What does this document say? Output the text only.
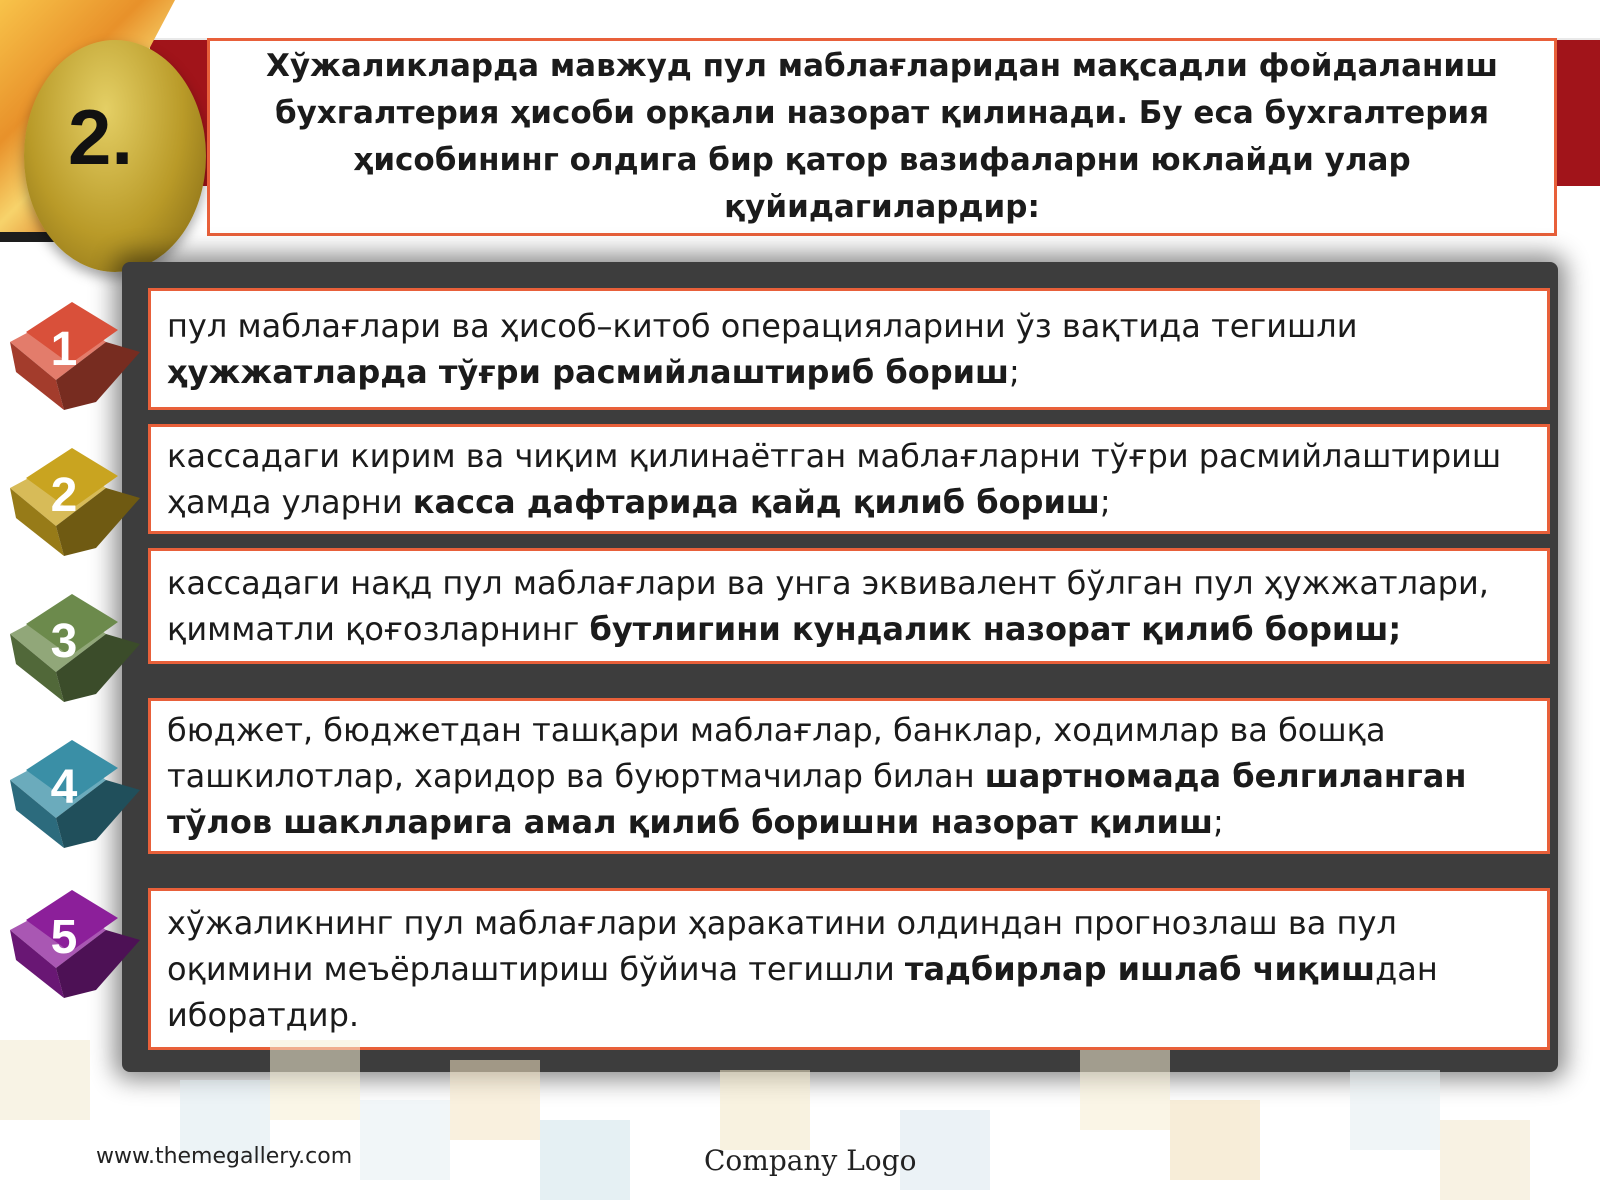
2.
Хўжаликларда мавжуд пул маблағларидан мақсадли фойдаланиш бухгалтерия ҳисоби орқали назорат қилинади. Бу еса бухгалтерия ҳисобининг олдига бир қатор вазифаларни юклайди улар қуйидагилардир:
пул маблағлари ва ҳисоб–китоб операцияларини ўз вақтида тегишли ҳужжатларда тўғри расмийлаштириб бориш;
кассадаги кирим ва чиқим қилинаётган маблағларни тўғри расмийлаштириш ҳамда уларни касса дафтарида қайд қилиб бориш;
кассадаги нақд пул маблағлари ва унга эквивалент бўлган пул ҳужжатлари, қимматли қоғозларнинг бутлигини кундалик назорат қилиб бориш;
бюджет, бюджетдан ташқари маблағлар, банклар, ходимлар ва бошқа ташкилотлар, харидор ва буюртмачилар билан шартномада белгиланган тўлов шаклларига амал қилиб боришни назорат қилиш;
хўжаликнинг пул маблағлари ҳаракатини олдиндан прогнозлаш ва пул оқимини меъёрлаштириш бўйича тегишли тадбирлар ишлаб чиқишдан иборатдир.
1
2
3
4
5
www.themegallery.com	Company Logo
